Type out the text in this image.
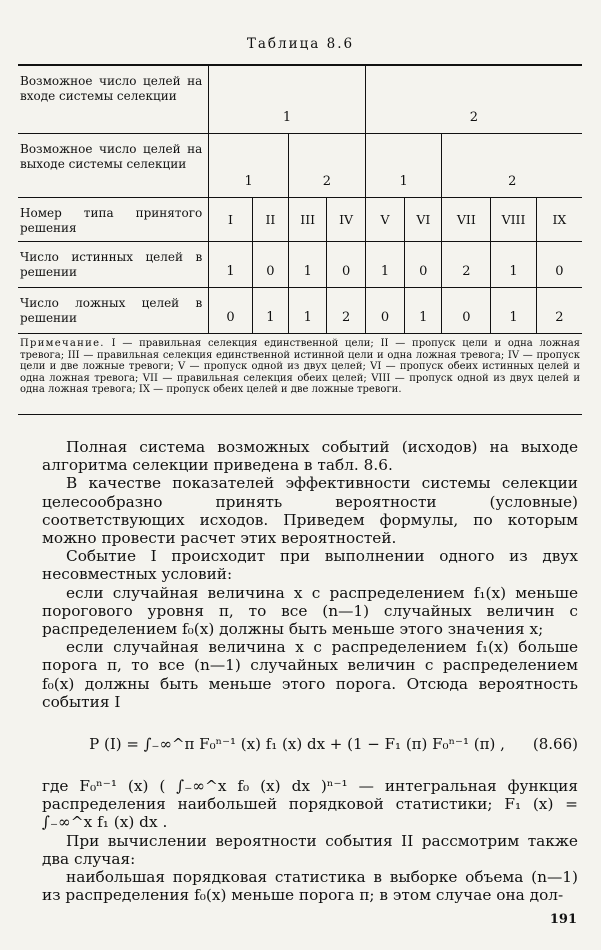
Таблица 8.6
Возможное число целей на входе системы селекции	1				2				
Возможное число целей на выходе системы селекции	1		2		1		2		
Номер типа принятого решения	I	II	III	IV	V	VI	VII	VIII	IX
Число истинных целей в решении	1	0	1	0	1	0	2	1	0
Число ложных целей в решении	0	1	1	2	0	1	0	1	2
Примечание. I — правильная селекция единственной цели; II — пропуск цели и одна ложная тревога; III — правильная селекция единственной истинной цели и одна ложная тревога; IV — пропуск цели и две ложные тревоги; V — пропуск одной из двух целей; VI — пропуск обеих истинных целей и одна ложная тревога; VII — правильная селекция обеих целей; VIII — пропуск одной из двух целей и одна ложная тревога; IX — пропуск обеих целей и две ложные тревоги.

Полная система возможных событий (исходов) на выходе алгоритма селекции приведена в табл. 8.6.

В качестве показателей эффективности системы селекции целесообразно принять вероятности (условные) соответствующих исходов. Приведем формулы, по которым можно провести расчет этих вероятностей.

Событие I происходит при выполнении одного из двух несовместных условий:

если случайная величина x с распределением f₁(x) меньше порогового уровня π, то все (n—1) случайных величин с распределением f₀(x) должны быть меньше этого значения x;

если случайная величина x с распределением f₁(x) больше порога π, то все (n—1) случайных величин с распределением f₀(x) должны быть меньше этого порога. Отсюда вероятность события I

P (I) = ∫₋∞^π F₀ⁿ⁻¹ (x) f₁ (x) dx + (1 − F₁ (π) F₀ⁿ⁻¹ (π) ,	(8.66)

где F₀ⁿ⁻¹ (x) ( ∫₋∞^x f₀ (x) dx )ⁿ⁻¹ — интегральная функция распределения наибольшей порядковой статистики; F₁ (x) = ∫₋∞^x f₁ (x) dx .

При вычислении вероятности события II рассмотрим также два случая:

наибольшая порядковая статистика в выборке объема (n—1) из распределения f₀(x) меньше порога π; в этом случае она дол-

191
